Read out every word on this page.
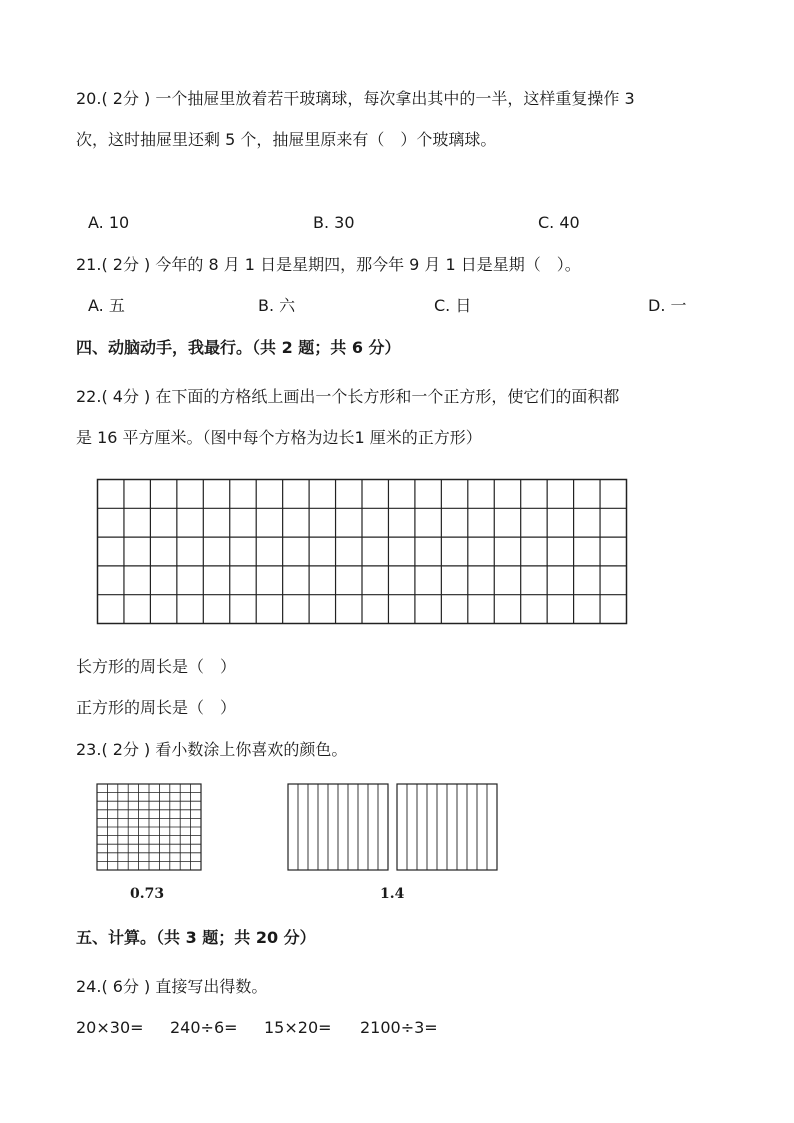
20.( 2分 ) 一个抽屉里放着若干玻璃球，每次拿出其中的一半，这样重复操作 3
次，这时抽屉里还剩 5 个，抽屉里原来有（　）个玻璃球。
A. 10	B. 30	C. 40
21.( 2分 ) 今年的 8 月 1 日是星期四，那今年 9 月 1 日是星期（　）。
A. 五	B. 六	C. 日	D. 一
四、动脑动手，我最行。（共 2 题；共 6 分）
22.( 4分 ) 在下面的方格纸上画出一个长方形和一个正方形，使它们的面积都
是 16 平方厘米。（图中每个方格为边长1 厘米的正方形）
长方形的周长是（　）
正方形的周长是（　）
23.( 2分 ) 看小数涂上你喜欢的颜色。
0.73	1.4
五、计算。（共 3 题；共 20 分）
24.( 6分 ) 直接写出得数。
20×30= 240÷6= 15×20= 2100÷3=
